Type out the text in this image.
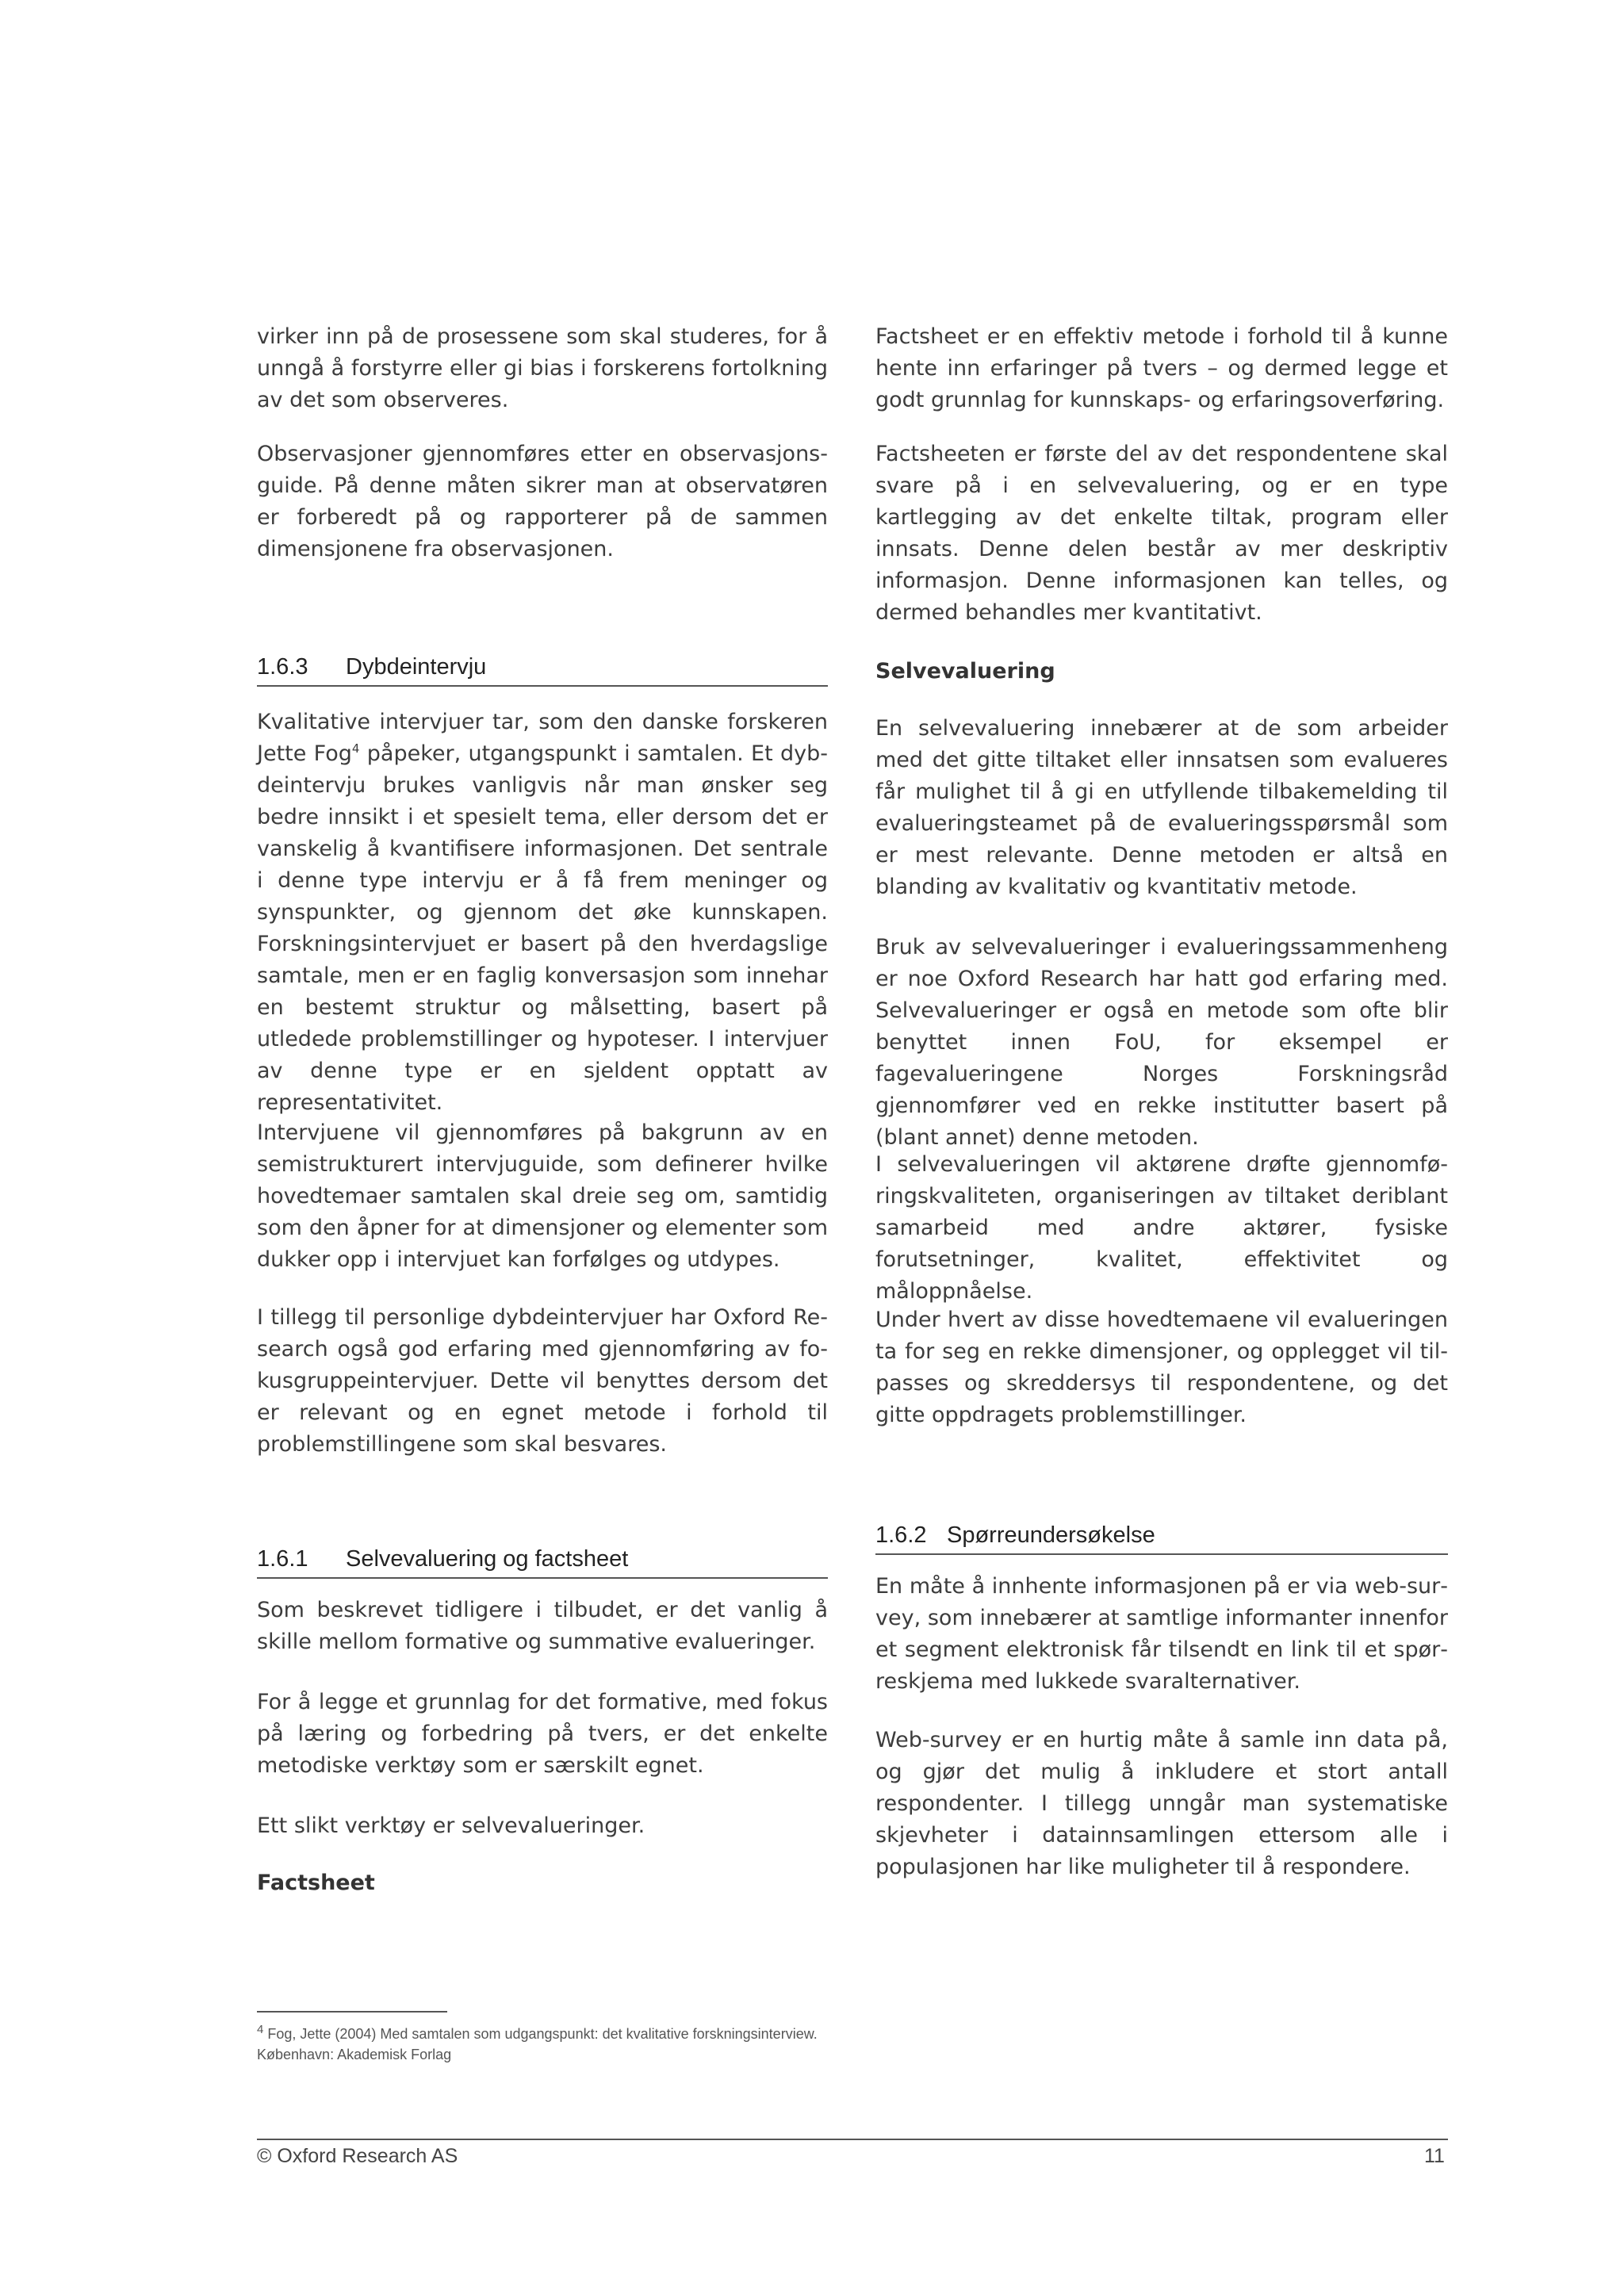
virker inn på de prosessene som skal studeres, for å unngå å forstyrre eller gi bias i forskerens fortolkning av det som observeres.

Observasjoner gjennomføres etter en observasjonsguide. På denne måten sikrer man at observatøren er forberedt på og rapporterer på de sammen dimensjonene fra observasjonen.

1.6.3 Dybdeintervju

Kvalitative intervjuer tar, som den danske forskeren Jette Fog$^4$ påpeker, utgangspunkt i samtalen. Et dybdeintervju brukes vanligvis når man ønsker seg bedre innsikt i et spesielt tema, eller dersom det er vanskelig å kvantifisere informasjonen. Det sentrale i denne type intervju er å få frem meninger og synspunkter, og gjennom det øke kunnskapen. Forskningsintervjuet er basert på den hverdagslige samtale, men er en faglig konversasjon som innehar en bestemt struktur og målsetting, basert på utledede problemstillinger og hypoteser. I intervjuer av denne type er en sjeldent opptatt av representativitet.

Intervjuene vil gjennomføres på bakgrunn av en semistrukturert intervjuguide, som definerer hvilke hovedtemaer samtalen skal dreie seg om, samtidig som den åpner for at dimensjoner og elementer som dukker opp i intervjuet kan forfølges og utdypes.

I tillegg til personlige dybdeintervjuer har Oxford Research også god erfaring med gjennomføring av fokusgruppeintervjuer. Dette vil benyttes dersom det er relevant og en egnet metode i forhold til problemstillingene som skal besvares.

1.6.1 Selvevaluering og factsheet

Som beskrevet tidligere i tilbudet, er det vanlig å skille mellom formative og summative evalueringer.

For å legge et grunnlag for det formative, med fokus på læring og forbedring på tvers, er det enkelte metodiske verktøy som er særskilt egnet.

Ett slikt verktøy er selvevalueringer.

Factsheet

Factsheet er en effektiv metode i forhold til å kunne hente inn erfaringer på tvers – og dermed legge et godt grunnlag for kunnskaps- og erfaringsoverføring.

Factsheeten er første del av det respondentene skal svare på i en selvevaluering, og er en type kartlegging av det enkelte tiltak, program eller innsats. Denne delen består av mer deskriptiv informasjon. Denne informasjonen kan telles, og dermed behandles mer kvantitativt.

Selvevaluering

En selvevaluering innebærer at de som arbeider med det gitte tiltaket eller innsatsen som evalueres får mulighet til å gi en utfyllende tilbakemelding til evalueringsteamet på de evalueringsspørsmål som er mest relevante. Denne metoden er altså en blanding av kvalitativ og kvantitativ metode.

Bruk av selvevalueringer i evalueringssammenheng er noe Oxford Research har hatt god erfaring med. Selvevalueringer er også en metode som ofte blir benyttet innen FoU, for eksempel er fagevalueringene Norges Forskningsråd gjennomfører ved en rekke institutter basert på (blant annet) denne metoden.

I selvevalueringen vil aktørene drøfte gjennomføringskvaliteten, organiseringen av tiltaket deriblant samarbeid med andre aktører, fysiske forutsetninger, kvalitet, effektivitet og måloppnåelse.

Under hvert av disse hovedtemaene vil evalueringen ta for seg en rekke dimensjoner, og opplegget vil tilpasses og skreddersys til respondentene, og det gitte oppdragets problemstillinger.

1.6.2 Spørreundersøkelse

En måte å innhente informasjonen på er via web-survey, som innebærer at samtlige informanter innenfor et segment elektronisk får tilsendt en link til et spørreskjema med lukkede svaralternativer.

Web-survey er en hurtig måte å samle inn data på, og gjør det mulig å inkludere et stort antall respondenter. I tillegg unngår man systematiske skjevheter i datainnsamlingen ettersom alle i populasjonen har like muligheter til å respondere.

$^4$ Fog, Jette (2004) Med samtalen som udgangspunkt: det kvalitative forskningsinterview. København: Akademisk Forlag
© Oxford Research AS	11
